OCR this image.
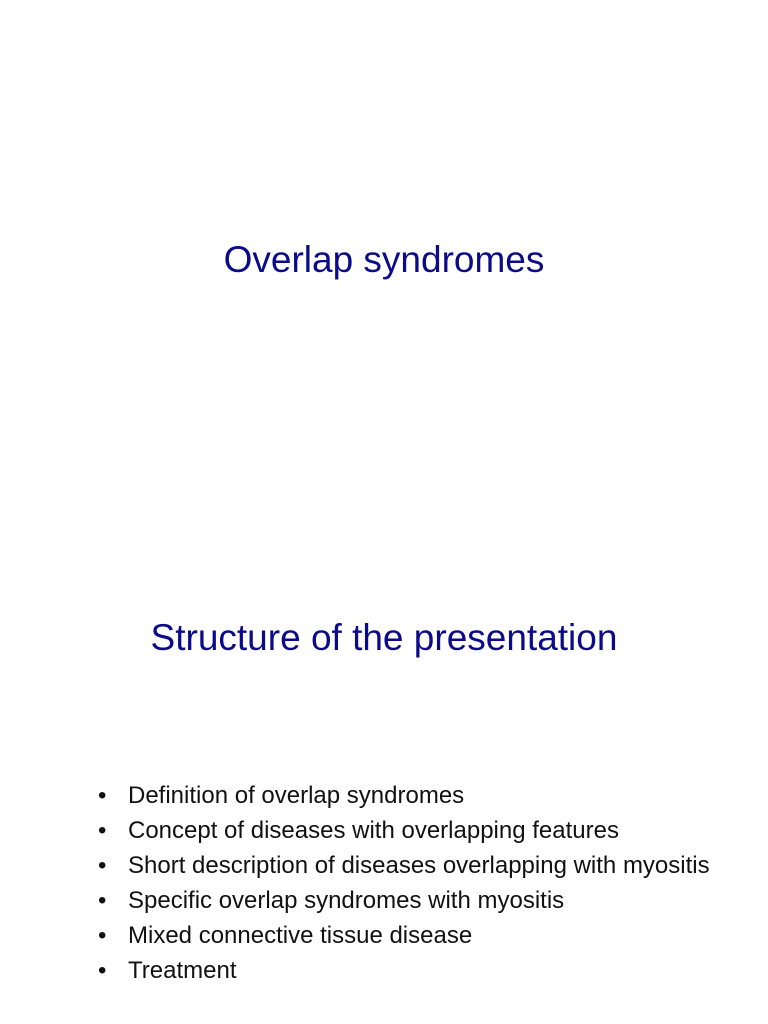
Overlap syndromes
Structure of the presentation
• Definition of overlap syndromes
• Concept of diseases with overlapping features
• Short description of diseases overlapping with myositis
• Specific overlap syndromes with myositis
• Mixed connective tissue disease
• Treatment
